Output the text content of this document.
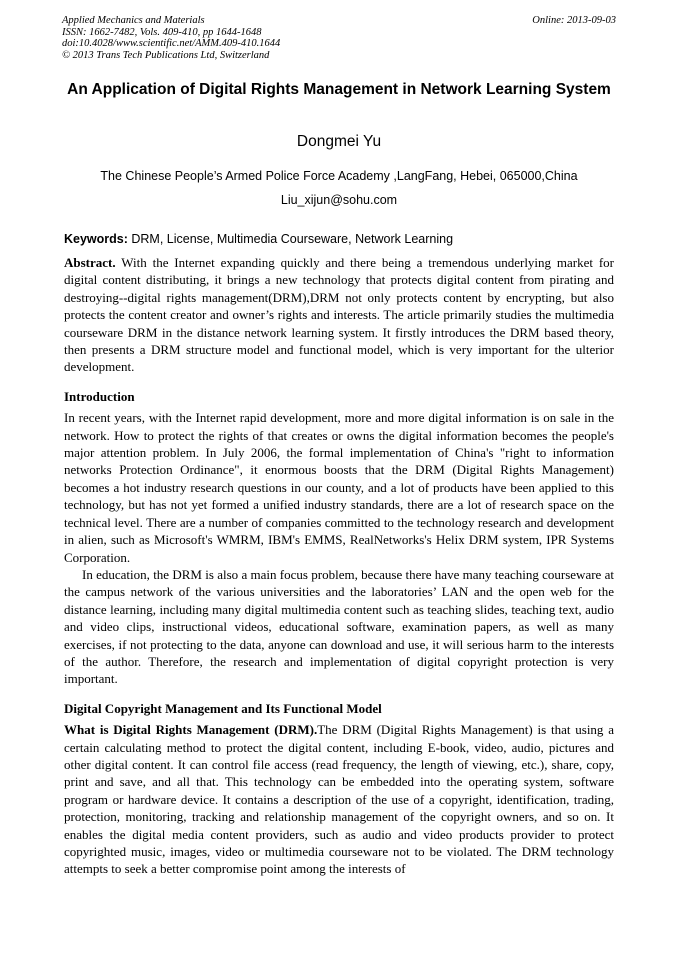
Applied Mechanics and Materials
ISSN: 1662-7482, Vols. 409-410, pp 1644-1648
doi:10.4028/www.scientific.net/AMM.409-410.1644
© 2013 Trans Tech Publications Ltd, Switzerland
Online: 2013-09-03
An Application of Digital Rights Management in Network Learning System
Dongmei Yu
The Chinese People’s Armed Police Force Academy ,LangFang, Hebei, 065000,China
Liu_xijun@sohu.com
Keywords: DRM, License, Multimedia Courseware, Network Learning

Abstract. With the Internet expanding quickly and there being a tremendous underlying market for digital content distributing, it brings a new technology that protects digital content from pirating and destroying--digital rights management(DRM),DRM not only protects content by encrypting, but also protects the content creator and owner’s rights and interests. The article primarily studies the multimedia courseware DRM in the distance network learning system. It firstly introduces the DRM based theory, then presents a DRM structure model and functional model, which is very important for the ulterior development.

Introduction

In recent years, with the Internet rapid development, more and more digital information is on sale in the network. How to protect the rights of that creates or owns the digital information becomes the people's major attention problem. In July 2006, the formal implementation of China's "right to information networks Protection Ordinance", it enormous boosts that the DRM (Digital Rights Management) becomes a hot industry research questions in our county, and a lot of products have been applied to this technology, but has not yet formed a unified industry standards, there are a lot of research space on the technical level. There are a number of companies committed to the technology research and development in alien, such as Microsoft's WMRM, IBM's EMMS, RealNetworks's Helix DRM system, IPR Systems Corporation.

In education, the DRM is also a main focus problem, because there have many teaching courseware at the campus network of the various universities and the laboratories’ LAN and the open web for the distance learning, including many digital multimedia content such as teaching slides, teaching text, audio and video clips, instructional videos, educational software, examination papers, as well as many exercises, if not protecting to the data, anyone can download and use, it will serious harm to the interests of the author. Therefore, the research and implementation of digital copyright protection is very important.

Digital Copyright Management and Its Functional Model

What is Digital Rights Management (DRM).The DRM (Digital Rights Management) is that using a certain calculating method to protect the digital content, including E-book, video, audio, pictures and other digital content. It can control file access (read frequency, the length of viewing, etc.), share, copy, print and save, and all that. This technology can be embedded into the operating system, software program or hardware device. It contains a description of the use of a copyright, identification, trading, protection, monitoring, tracking and relationship management of the copyright owners, and so on. It enables the digital media content providers, such as audio and video products provider to protect copyrighted music, images, video or multimedia courseware not to be violated. The DRM technology attempts to seek a better compromise point among the interests of
